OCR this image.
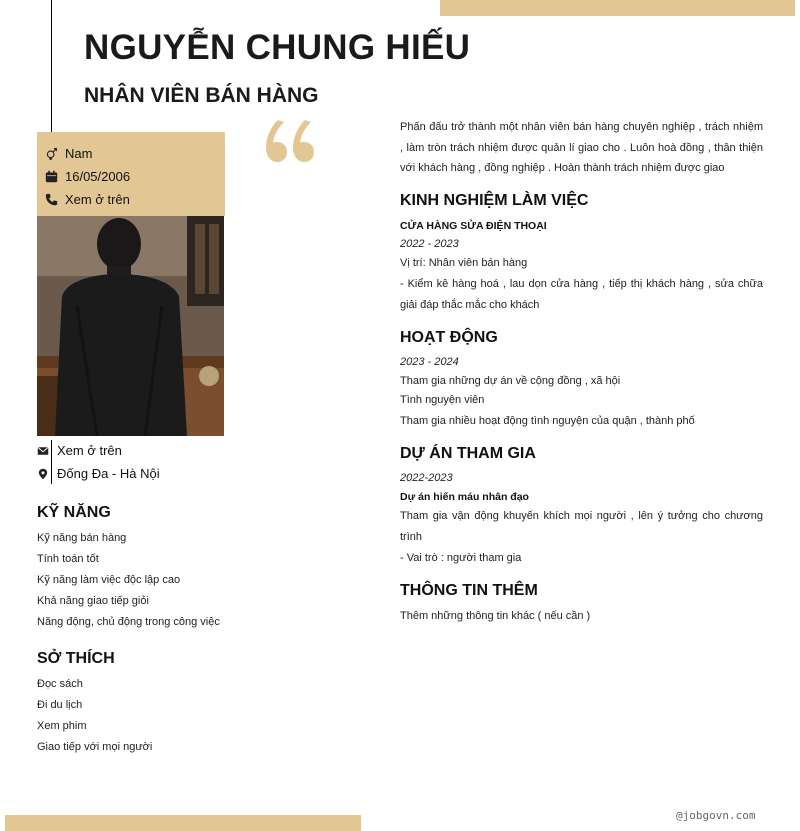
NGUYỄN CHUNG HIẾU
NHÂN VIÊN BÁN HÀNG
Nam
16/05/2006
Xem ở trên
Xem ở trên
Đống Đa - Hà Nội
KỸ NĂNG
Kỹ năng bán hàng
Tính toán tốt
Kỹ năng làm việc độc lập cao
Khả năng giao tiếp giỏi
Năng động, chủ động trong công việc
SỞ THÍCH
Đọc sách
Đi du lịch
Xem phim
Giao tiếp với mọi người
Phấn đấu trở thành một nhân viên bán hàng chuyên nghiệp , trách nhiệm , làm tròn trách nhiệm được quản lí giao cho . Luôn hoà đồng , thân thiện với khách hàng , đồng nghiệp . Hoàn thành trách nhiệm được giao
KINH NGHIỆM LÀM VIỆC
CỬA HÀNG SỬA ĐIỆN THOẠI
2022 - 2023
Vị trí: Nhân viên bán hàng
- Kiểm kê hàng hoá , lau dọn cửa hàng , tiếp thị khách hàng , sửa chữa giải đáp thắc mắc cho khách
HOẠT ĐỘNG
2023 - 2024
Tham gia những dự án về cộng đồng , xã hội
Tình nguyện viên
Tham gia nhiều hoạt động tình nguyện của quận , thành phố
DỰ ÁN THAM GIA
2022-2023
Dự án hiến máu nhân đạo
Tham gia vận động khuyến khích mọi người , lên ý tưởng cho chương trình
- Vai trò : người tham gia
THÔNG TIN THÊM
Thêm những thông tin khác ( nếu cần )
@jobgovn.com
